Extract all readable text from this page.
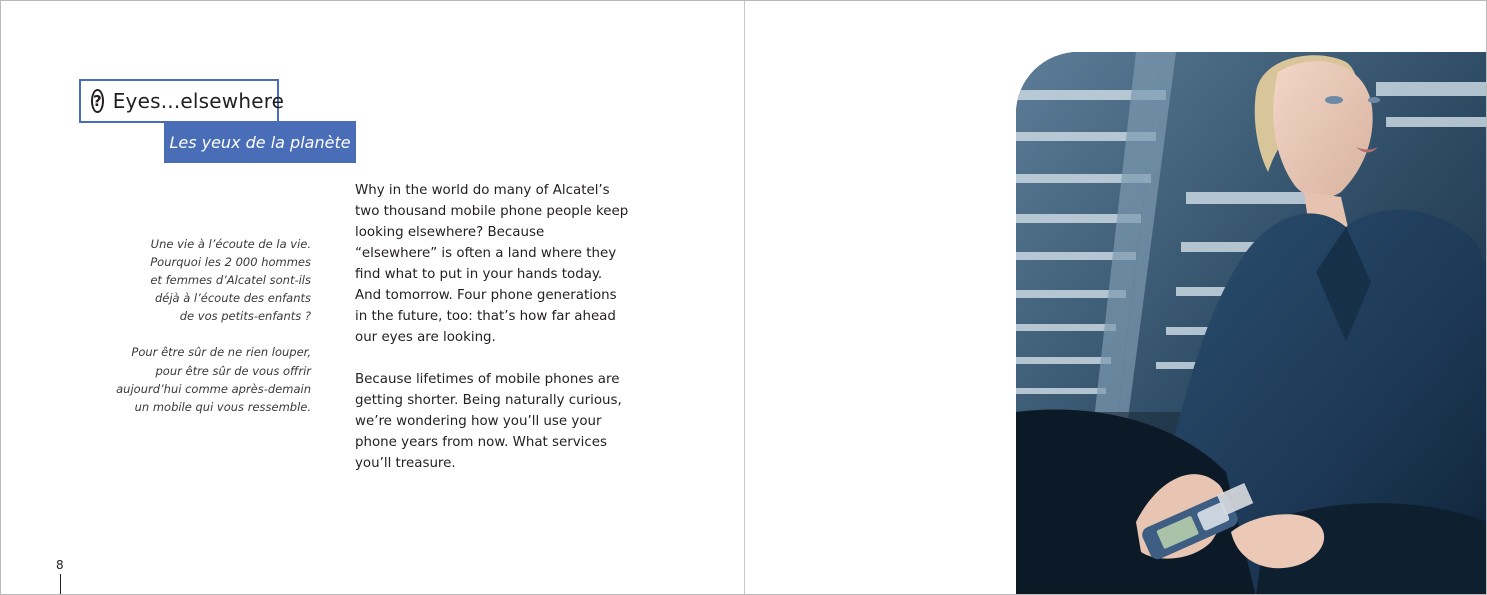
? Eyes...elsewhere
Les yeux de la planète

Une vie à l’écoute de la vie.
Pourquoi les 2 000 hommes
et femmes d’Alcatel sont-ils
déjà à l’écoute des enfants
de vos petits-enfants ?

Pour être sûr de ne rien louper,
pour être sûr de vous offrir
aujourd’hui comme après-demain
un mobile qui vous ressemble.

Why in the world do many of Alcatel’s
two thousand mobile phone people keep
looking elsewhere? Because
“elsewhere” is often a land where they
find what to put in your hands today.
And tomorrow. Four phone generations
in the future, too: that’s how far ahead
our eyes are looking.

Because lifetimes of mobile phones are
getting shorter. Being naturally curious,
we’re wondering how you’ll use your
phone years from now. What services
you’ll treasure.

8
